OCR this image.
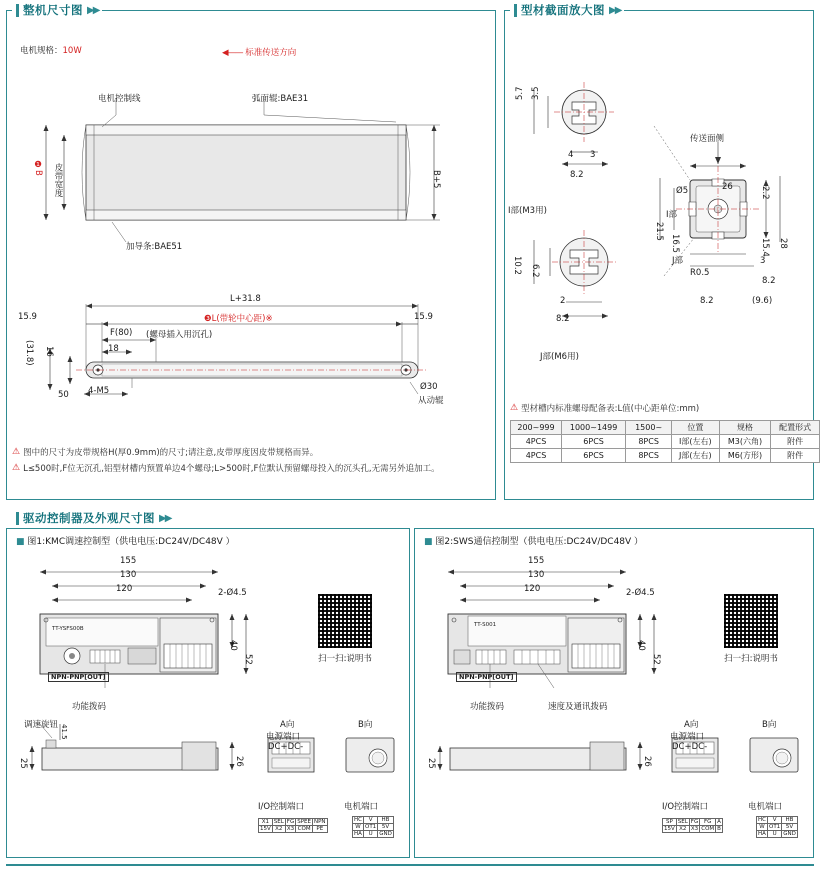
整机尺寸图 ▶▶
电机规格：10W	◀—— 标准传送方向
电机控制线	弧面辊:BAE31
加导条:BAE51
❶B 皮带宽度	B+5
L+31.8
❸L(带轮中心距)※
15.9	15.9
F(80) (螺母插入用沉孔)
18
16
(31.8)
50 4-M5	Ø30
从动辊
⚠ 图中的尺寸为皮带规格H(厚0.9mm)的尺寸;请注意,皮带厚度因皮带规格而异。
⚠ L≤500时,F位无沉孔,铝型材槽内预置单边4个螺母;L>500时,F位默认预留螺母投入的沉头孔,无需另外追加工。
型材截面放大图 ▶▶
5.7 3.5
4 3
8.2
I部(M3用)	I部
J部
J部(M6用)
Ø5	26
28
2.2
15.4
21.5
16.5
R0.5
3
8.2
8.2	(9.6)
10.2 6.2
2
8.2
传送面侧
⚠ 型材槽内标准螺母配备表:L值(中心距单位:mm)
200~999	1000~1499	1500~	位置	规格	配置形式
4PCS	6PCS	8PCS	I部(左右)	M3(六角)	附件
4PCS	6PCS	8PCS	J部(左右)	M6(方形)	附件
驱动控制器及外观尺寸图 ▶▶
■ 图1:KMC调速控制型（供电电压:DC24V/DC48V ）	■ 图2:SWS通信控制型（供电电压:DC24V/DC48V ）
TT-YSFS00B
155
130
120	2-Ø4.5
40
52
NPN-PNP[OUT]
功能拨码
扫一扫:说明书
调速旋钮 41.5
25	26
A向	B向
电源端口
DC+DC-
I/O控制端口	电机端口
X1	SEL	FG	SPEE	NPN
15V	X2	X3	COM	PE
HC	V	HB
W	OT1	5V
HA	U	GND
TT-S001
155
130
120	2-Ø4.5
40
52
NPN-PNP[OUT]
功能拨码	速度及通讯拨码
扫一扫:说明书
25	26
A向	B向
电源端口
DC+DC-
I/O控制端口	电机端口
SP	SEL	FG	FG	A
15V	X2	X3	COM	B
HC	V	HB
W	OT1	5V
HA	U	GND
